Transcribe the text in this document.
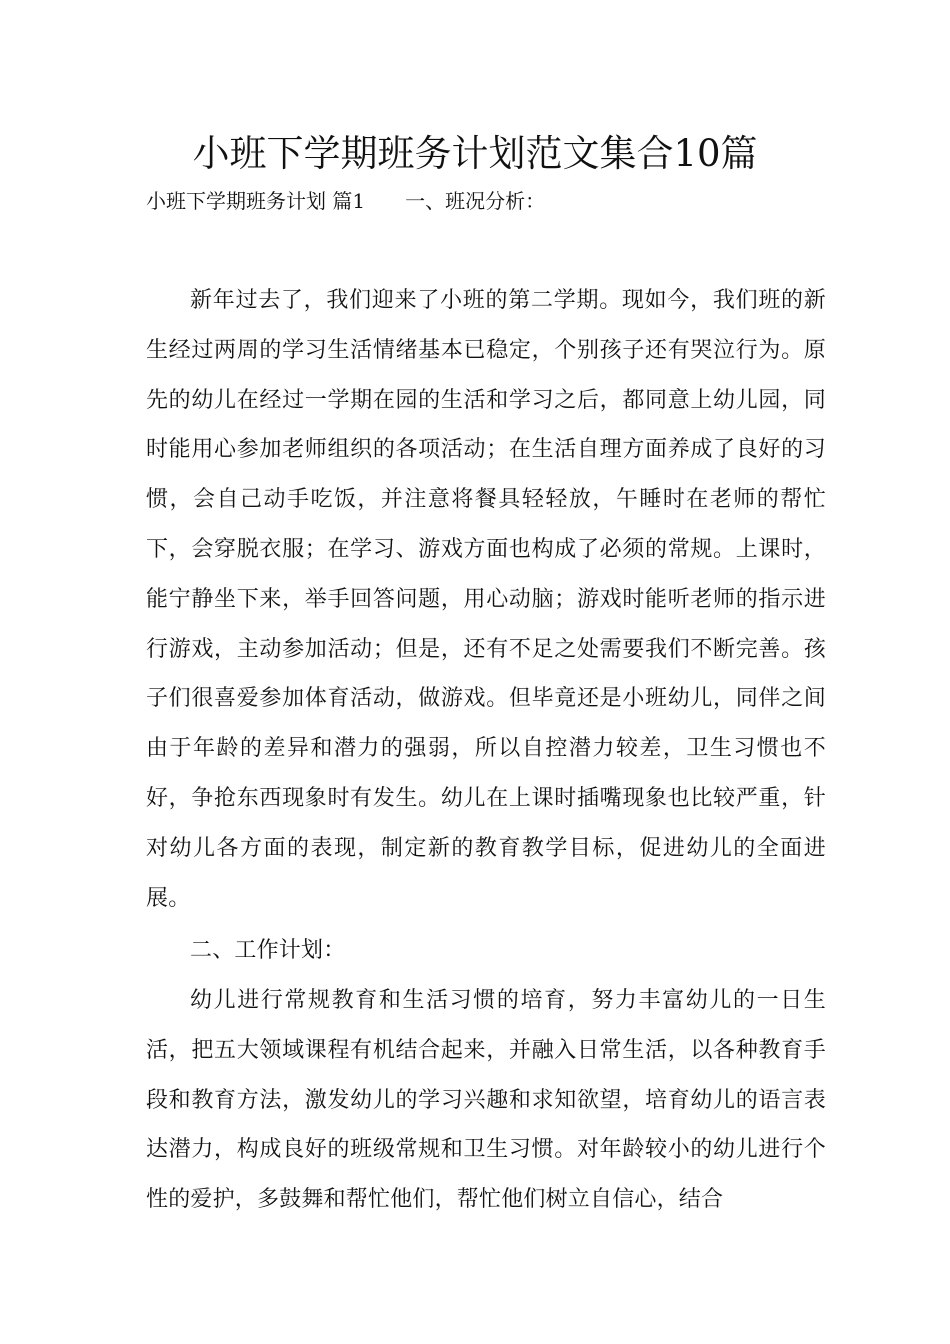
小班下学期班务计划范文集合10篇
小班下学期班务计划 篇1 一、班况分析：

新年过去了，我们迎来了小班的第二学期。现如今，我们班的新生经过两周的学习生活情绪基本已稳定，个别孩子还有哭泣行为。原先的幼儿在经过一学期在园的生活和学习之后，都同意上幼儿园，同时能用心参加老师组织的各项活动；在生活自理方面养成了良好的习惯，会自己动手吃饭，并注意将餐具轻轻放，午睡时在老师的帮忙下，会穿脱衣服；在学习、游戏方面也构成了必须的常规。上课时，能宁静坐下来，举手回答问题，用心动脑；游戏时能听老师的指示进行游戏，主动参加活动；但是，还有不足之处需要我们不断完善。孩子们很喜爱参加体育活动，做游戏。但毕竟还是小班幼儿，同伴之间由于年龄的差异和潜力的强弱，所以自控潜力较差，卫生习惯也不好，争抢东西现象时有发生。幼儿在上课时插嘴现象也比较严重，针对幼儿各方面的表现，制定新的教育教学目标，促进幼儿的全面进展。

二、工作计划：

幼儿进行常规教育和生活习惯的培育，努力丰富幼儿的一日生活，把五大领域课程有机结合起来，并融入日常生活，以各种教育手段和教育方法，激发幼儿的学习兴趣和求知欲望，培育幼儿的语言表达潜力，构成良好的班级常规和卫生习惯。对年龄较小的幼儿进行个性的爱护，多鼓舞和帮忙他们，帮忙他们树立自信心，结合
